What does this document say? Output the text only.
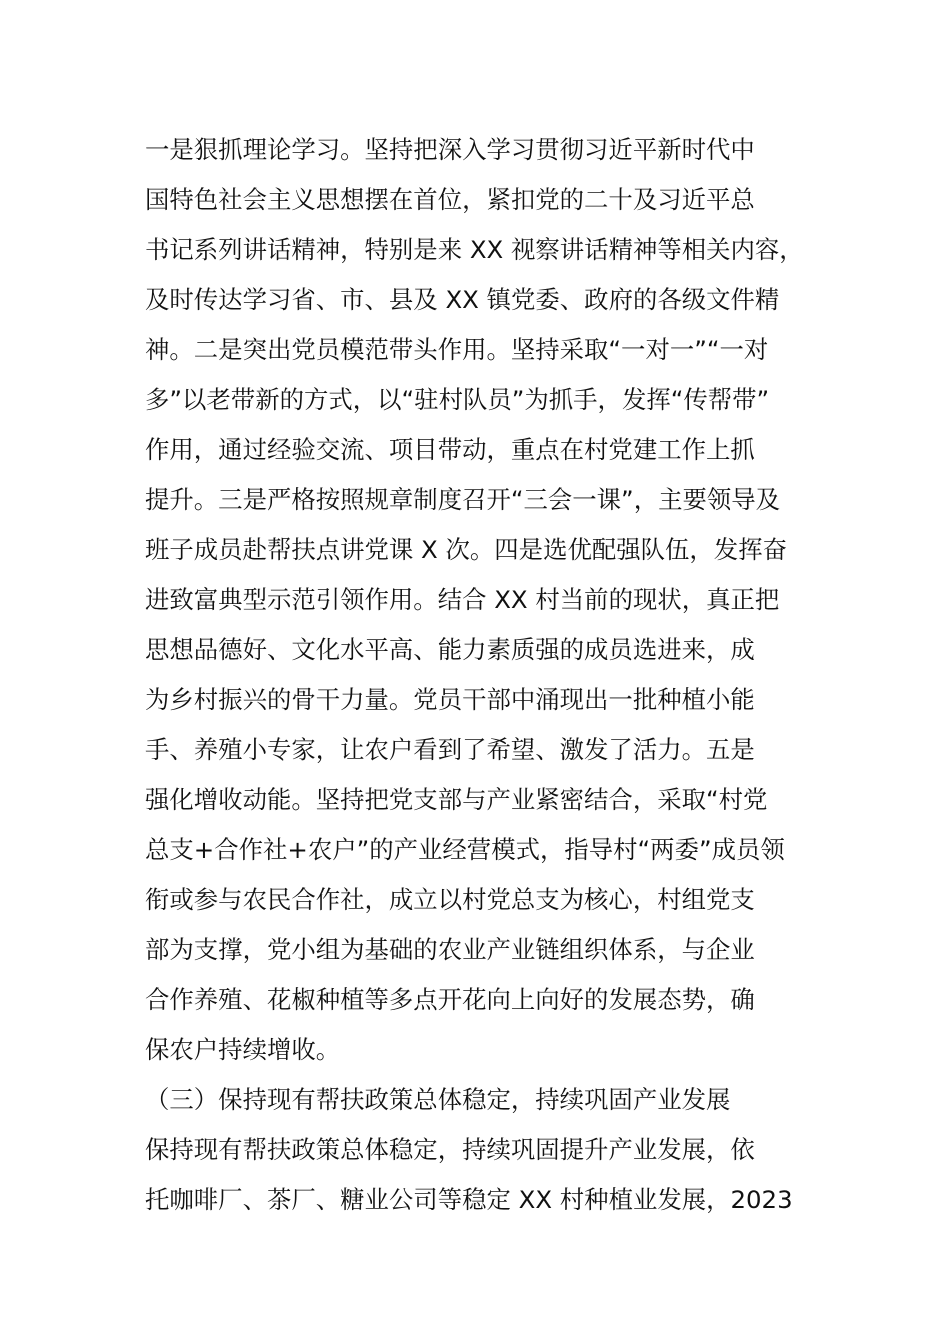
一是狠抓理论学习。坚持把深入学习贯彻习近平新时代中
国特色社会主义思想摆在首位，紧扣党的二十及习近平总
书记系列讲话精神，特别是来 XX 视察讲话精神等相关内容，
及时传达学习省、市、县及 XX 镇党委、政府的各级文件精
神。二是突出党员模范带头作用。坚持采取“一对一”“一对
多”以老带新的方式，以“驻村队员”为抓手，发挥“传帮带”
作用，通过经验交流、项目带动，重点在村党建工作上抓
提升。三是严格按照规章制度召开“三会一课”，主要领导及
班子成员赴帮扶点讲党课 X 次。四是选优配强队伍，发挥奋
进致富典型示范引领作用。结合 XX 村当前的现状，真正把
思想品德好、文化水平高、能力素质强的成员选进来，成
为乡村振兴的骨干力量。党员干部中涌现出一批种植小能
手、养殖小专家，让农户看到了希望、激发了活力。五是
强化增收动能。坚持把党支部与产业紧密结合，采取“村党
总支+合作社+农户”的产业经营模式，指导村“两委”成员领
衔或参与农民合作社，成立以村党总支为核心，村组党支
部为支撑，党小组为基础的农业产业链组织体系，与企业
合作养殖、花椒种植等多点开花向上向好的发展态势，确
保农户持续增收。
（三）保持现有帮扶政策总体稳定，持续巩固产业发展
保持现有帮扶政策总体稳定，持续巩固提升产业发展，依
托咖啡厂、茶厂、糖业公司等稳定 XX 村种植业发展，2023
